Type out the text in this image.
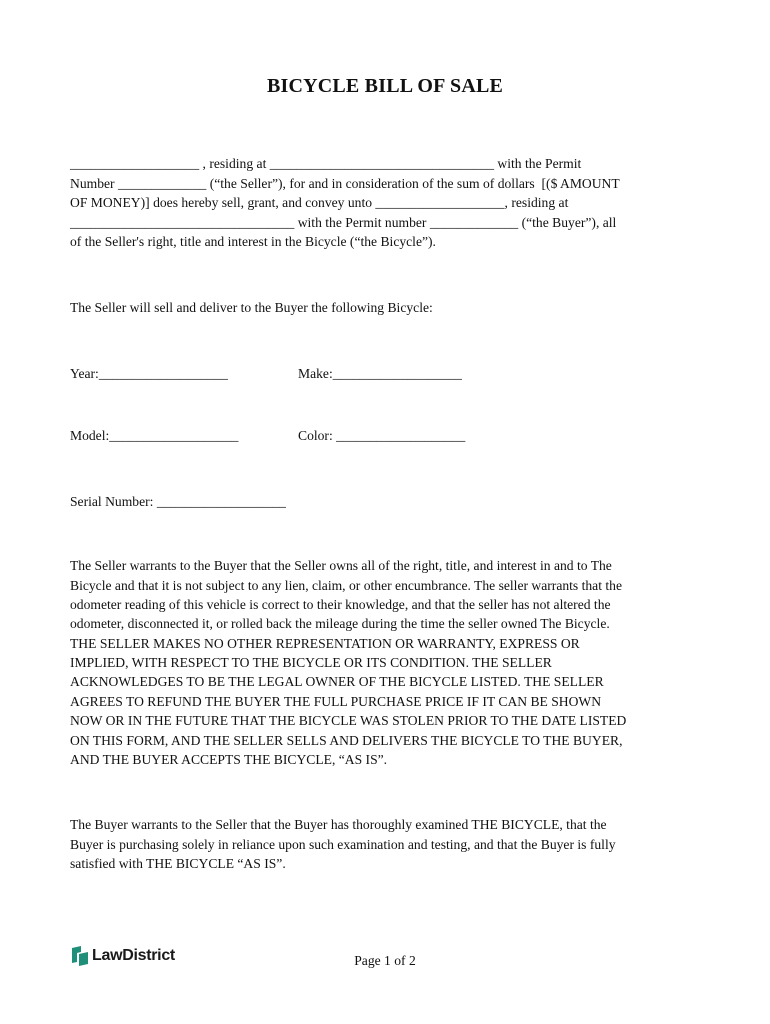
BICYCLE BILL OF SALE
___________________ , residing at _________________________________ with the Permit
Number _____________ (“the Seller”), for and in consideration of the sum of dollars  [($ AMOUNT
OF MONEY)] does hereby sell, grant, and convey unto ___________________, residing at
_________________________________ with the Permit number _____________ (“the Buyer”), all
of the Seller's right, title and interest in the Bicycle (“the Bicycle”).
The Seller will sell and deliver to the Buyer the following Bicycle:
Year:___________________	Make:___________________
Model:___________________	Color: ___________________
Serial Number: ___________________
The Seller warrants to the Buyer that the Seller owns all of the right, title, and interest in and to The
Bicycle and that it is not subject to any lien, claim, or other encumbrance. The seller warrants that the
odometer reading of this vehicle is correct to their knowledge, and that the seller has not altered the
odometer, disconnected it, or rolled back the mileage during the time the seller owned The Bicycle.
THE SELLER MAKES NO OTHER REPRESENTATION OR WARRANTY, EXPRESS OR
IMPLIED, WITH RESPECT TO THE BICYCLE OR ITS CONDITION. THE SELLER
ACKNOWLEDGES TO BE THE LEGAL OWNER OF THE BICYCLE LISTED. THE SELLER
AGREES TO REFUND THE BUYER THE FULL PURCHASE PRICE IF IT CAN BE SHOWN
NOW OR IN THE FUTURE THAT THE BICYCLE WAS STOLEN PRIOR TO THE DATE LISTED
ON THIS FORM, AND THE SELLER SELLS AND DELIVERS THE BICYCLE TO THE BUYER,
AND THE BUYER ACCEPTS THE BICYCLE, “AS IS”.
The Buyer warrants to the Seller that the Buyer has thoroughly examined THE BICYCLE, that the
Buyer is purchasing solely in reliance upon such examination and testing, and that the Buyer is fully
satisfied with THE BICYCLE “AS IS”.
LawDistrict	Page 1 of 2
